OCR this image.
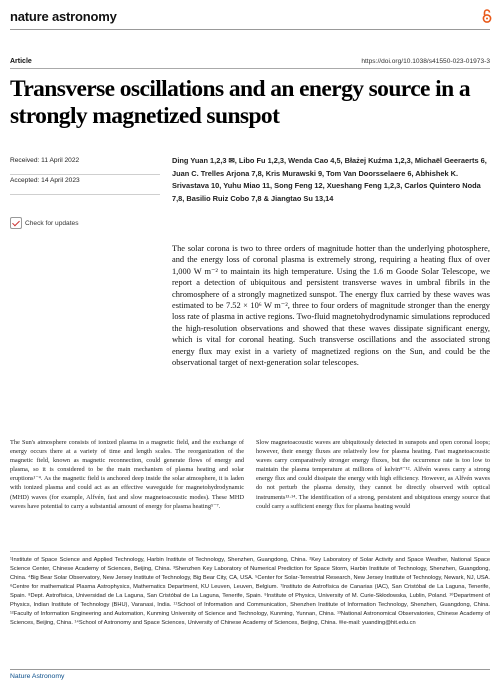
nature astronomy
Article	https://doi.org/10.1038/s41550-023-01973-3
Transverse oscillations and an energy source in a strongly magnetized sunspot
Received: 11 April 2022
Accepted: 14 April 2023
Check for updates
Ding Yuan 1,2,3 ✉, Libo Fu 1,2,3, Wenda Cao 4,5, Błażej Kuźma 1,2,3, Michaël Geeraerts 6, Juan C. Trelles Arjona 7,8, Kris Murawski 9, Tom Van Doorsselaere 6, Abhishek K. Srivastava 10, Yuhu Miao 11, Song Feng 12, Xueshang Feng 1,2,3, Carlos Quintero Noda 7,8, Basilio Ruiz Cobo 7,8 & Jiangtao Su 13,14

The solar corona is two to three orders of magnitude hotter than the underlying photosphere, and the energy loss of coronal plasma is extremely strong, requiring a heating flux of over 1,000 W m⁻² to maintain its high temperature. Using the 1.6 m Goode Solar Telescope, we report a detection of ubiquitous and persistent transverse waves in umbral fibrils in the chromosphere of a strongly magnetized sunspot. The energy flux carried by these waves was estimated to be 7.52 × 10⁶ W m⁻², three to four orders of magnitude stronger than the energy loss rate of plasma in active regions. Two-fluid magnetohydrodynamic simulations reproduced the high-resolution observations and showed that these waves dissipate significant energy, which is vital for coronal heating. Such transverse oscillations and the associated strong energy flux may exist in a variety of magnetized regions on the Sun, and could be the observational target of next-generation solar telescopes.

The Sun's atmosphere consists of ionized plasma in a magnetic field, and the exchange of energy occurs there at a variety of time and length scales. The reorganization of the magnetic field, known as magnetic reconnection, could generate flows of energy and plasma, so it is considered to be the main mechanism of plasma heating and solar eruptions¹⁻⁴. As the magnetic field is anchored deep inside the solar atmosphere, it is laden with ionized plasma and could act as an effective waveguide for magnetohydrodynamic (MHD) waves (for example, Alfvén, fast and slow magnetoacoustic modes). These MHD waves have potential to carry a substantial amount of energy for plasma heating⁵⁻⁷.

Slow magnetoacoustic waves are ubiquitously detected in sunspots and open coronal loops; however, their energy fluxes are relatively low for plasma heating. Fast magnetoacoustic waves carry comparatively stronger energy fluxes, but the occurrence rate is too low to maintain the plasma temperature at millions of kelvin⁸⁻¹². Alfvén waves carry a strong energy flux and could dissipate the energy with high efficiency. However, as Alfvén waves do not perturb the plasma density, they cannot be directly observed with optical instruments¹³·¹⁴. The identification of a strong, persistent and ubiquitous energy source that could carry a sufficient energy flux for plasma heating would

¹Institute of Space Science and Applied Technology, Harbin Institute of Technology, Shenzhen, Guangdong, China. ²Key Laboratory of Solar Activity and Space Weather, National Space Science Center, Chinese Academy of Sciences, Beijing, China. ³Shenzhen Key Laboratory of Numerical Prediction for Space Storm, Harbin Institute of Technology, Shenzhen, Guangdong, China. ⁴Big Bear Solar Observatory, New Jersey Institute of Technology, Big Bear City, CA, USA. ⁵Center for Solar-Terrestrial Research, New Jersey Institute of Technology, Newark, NJ, USA. ⁶Centre for mathematical Plasma Astrophysics, Mathematics Department, KU Leuven, Leuven, Belgium. ⁷Instituto de Astrofísica de Canarias (IAC), San Cristóbal de La Laguna, Tenerife, Spain. ⁸Dept. Astrofísica, Universidad de La Laguna, San Cristóbal de La Laguna, Tenerife, Spain. ⁹Institute of Physics, University of M. Curie-Skłodowska, Lublin, Poland. ¹⁰Department of Physics, Indian Institute of Technology (BHU), Varanasi, India. ¹¹School of Information and Communication, Shenzhen Institute of Information Technology, Shenzhen, Guangdong, China. ¹²Faculty of Information Engineering and Automation, Kunming University of Science and Technology, Kunming, Yunnan, China. ¹³National Astronomical Observatories, Chinese Academy of Sciences, Beijing, China. ¹⁴School of Astronomy and Space Sciences, University of Chinese Academy of Sciences, Beijing, China. ✉e-mail: yuanding@hit.edu.cn

Nature Astronomy
